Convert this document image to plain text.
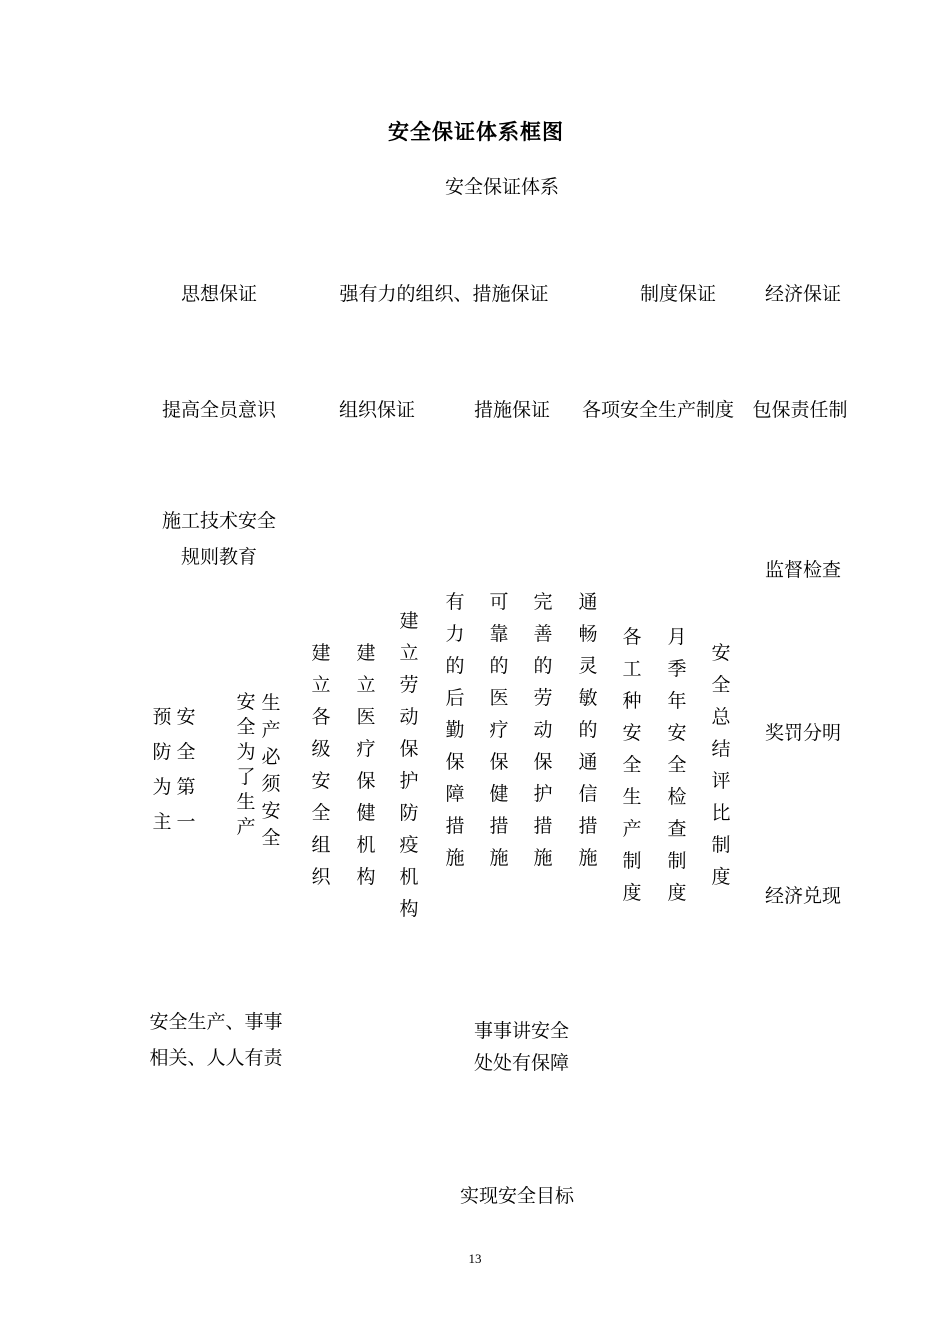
安全保证体系框图
安全保证体系
思想保证	强有力的组织、措施保证	制度保证	经济保证
提高全员意识	组织保证	措施保证 各项安全生产制度 包保责任制
施工技术安全
规则教育
预防为主
安全第一
安全为了生产
生产必须安全
建立各级安全组织
建立医疗保健机构
建立劳动保护防疫机构
有力的后勤保障措施
可靠的医疗保健措施
完善的劳动保护措施
通畅灵敏的通信措施
各工种安全生产制度
月季年安全检查制度
安全总结评比制度
监督检查
奖罚分明
经济兑现
安全生产、事事
相关、人人有责
事事讲安全
处处有保障
实现安全目标
13
